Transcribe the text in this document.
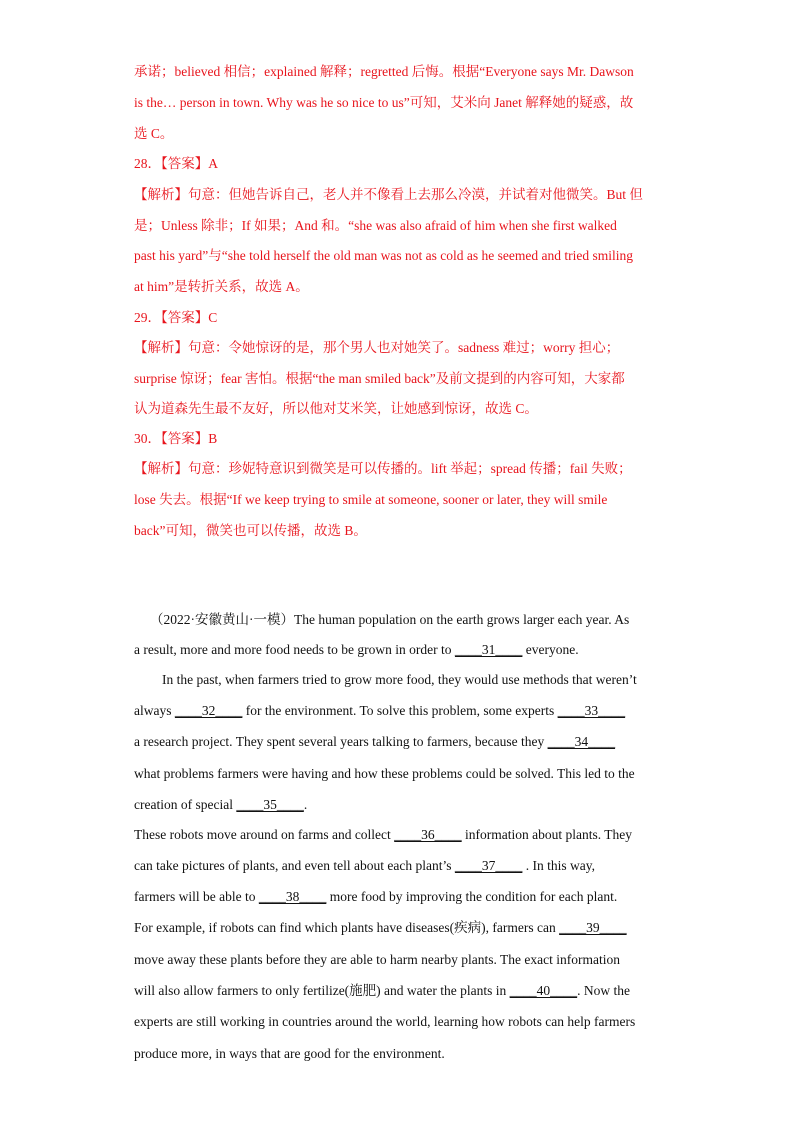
承诺；believed 相信；explained 解释；regretted 后悔。根据“Everyone says Mr. Dawson
is the… person in town. Why was he so nice to us”可知，艾米向 Janet 解释她的疑惑，故
选 C。
28．【答案】A
【解析】句意：但她告诉自己，老人并不像看上去那么冷漠，并试着对他微笑。But 但
是；Unless 除非；If 如果；And 和。“she was also afraid of him when she first walked
past his yard”与“she told herself the old man was not as cold as he seemed and tried smiling
at him”是转折关系，故选 A。
29．【答案】C
【解析】句意：令她惊讶的是，那个男人也对她笑了。sadness 难过；worry 担心；
surprise 惊讶；fear 害怕。根据“the man smiled back”及前文提到的内容可知，大家都
认为道森先生最不友好，所以他对艾米笑，让她感到惊讶，故选 C。
30．【答案】B
【解析】句意：珍妮特意识到微笑是可以传播的。lift 举起；spread 传播；fail 失败；
lose 失去。根据“If we keep trying to smile at someone, sooner or later, they will smile
back”可知，微笑也可以传播，故选 B。
（2022·安徽黄山·一模）The human population on the earth grows larger each year. As
a result, more and more food needs to be grown in order to ____31____ everyone.
In the past, when farmers tried to grow more food, they would use methods that weren’t
always ____32____ for the environment. To solve this problem, some experts ____33____
a research project. They spent several years talking to farmers, because they ____34____
what problems farmers were having and how these problems could be solved. This led to the
creation of special ____35____.
These robots move around on farms and collect ____36____ information about plants. They
can take pictures of plants, and even tell about each plant’s ____37____ . In this way,
farmers will be able to ____38____ more food by improving the condition for each plant.
For example, if robots can find which plants have diseases(疾病), farmers can ____39____
move away these plants before they are able to harm nearby plants. The exact information
will also allow farmers to only fertilize(施肥) and water the plants in ____40____. Now the
experts are still working in countries around the world, learning how robots can help farmers
produce more, in ways that are good for the environment.
